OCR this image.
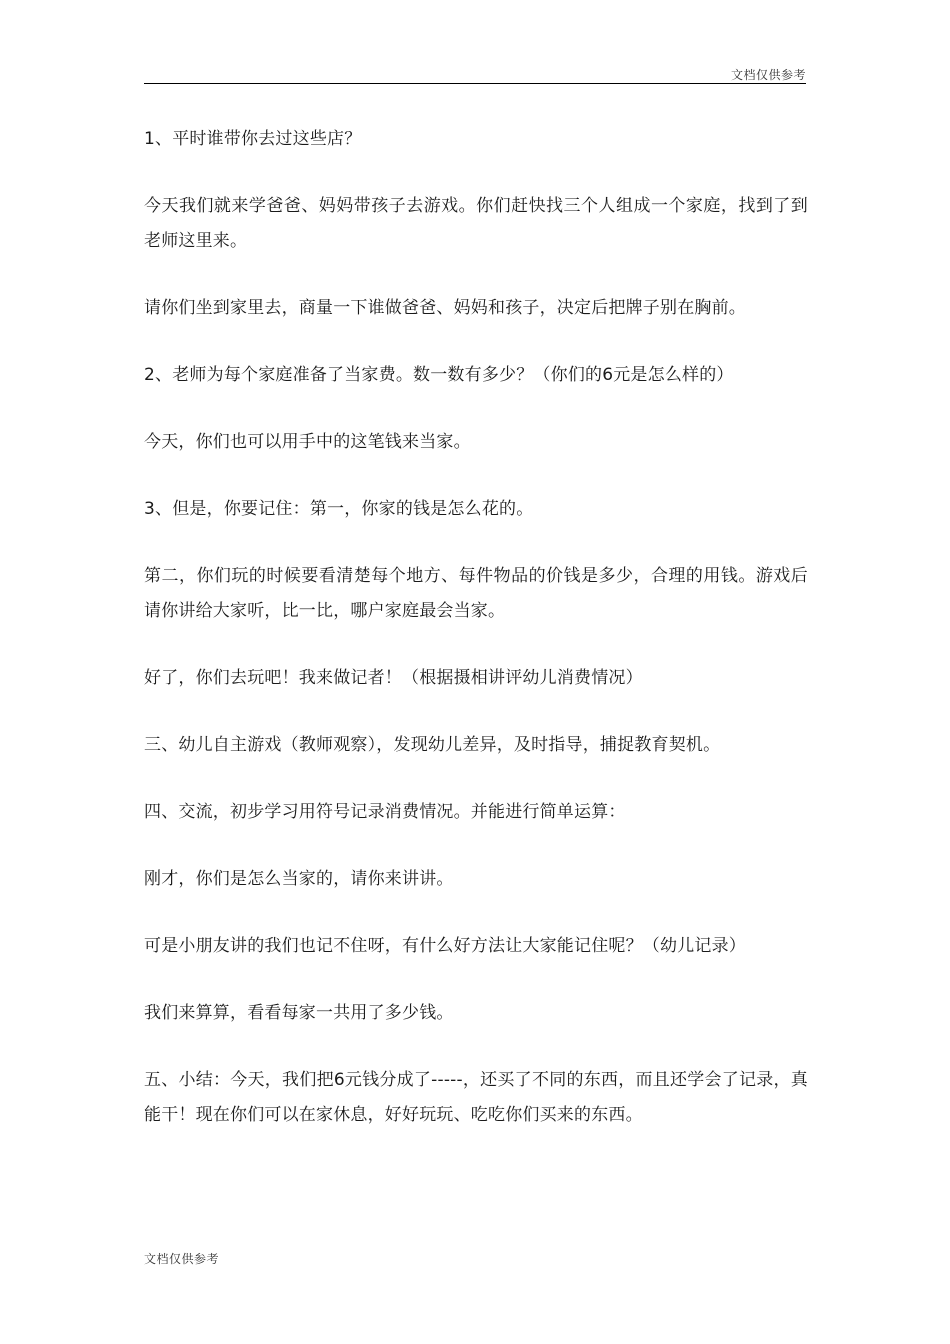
文档仅供参考

1、平时谁带你去过这些店？

今天我们就来学爸爸、妈妈带孩子去游戏。你们赶快找三个人组成一个家庭，找到了到老师这里来。

请你们坐到家里去，商量一下谁做爸爸、妈妈和孩子，决定后把牌子别在胸前。

2、老师为每个家庭准备了当家费。数一数有多少？（你们的6元是怎么样的）

今天，你们也可以用手中的这笔钱来当家。

3、但是，你要记住：第一，你家的钱是怎么花的。

第二，你们玩的时候要看清楚每个地方、每件物品的价钱是多少，合理的用钱。游戏后请你讲给大家听，比一比，哪户家庭最会当家。

好了，你们去玩吧！我来做记者！（根据摄相讲评幼儿消费情况）

三、幼儿自主游戏（教师观察），发现幼儿差异，及时指导，捕捉教育契机。

四、交流，初步学习用符号记录消费情况。并能进行简单运算：

刚才，你们是怎么当家的，请你来讲讲。

可是小朋友讲的我们也记不住呀，有什么好方法让大家能记住呢？（幼儿记录）

我们来算算，看看每家一共用了多少钱。

五、小结：今天，我们把6元钱分成了-----，还买了不同的东西，而且还学会了记录，真能干！现在你们可以在家休息，好好玩玩、吃吃你们买来的东西。

文档仅供参考
